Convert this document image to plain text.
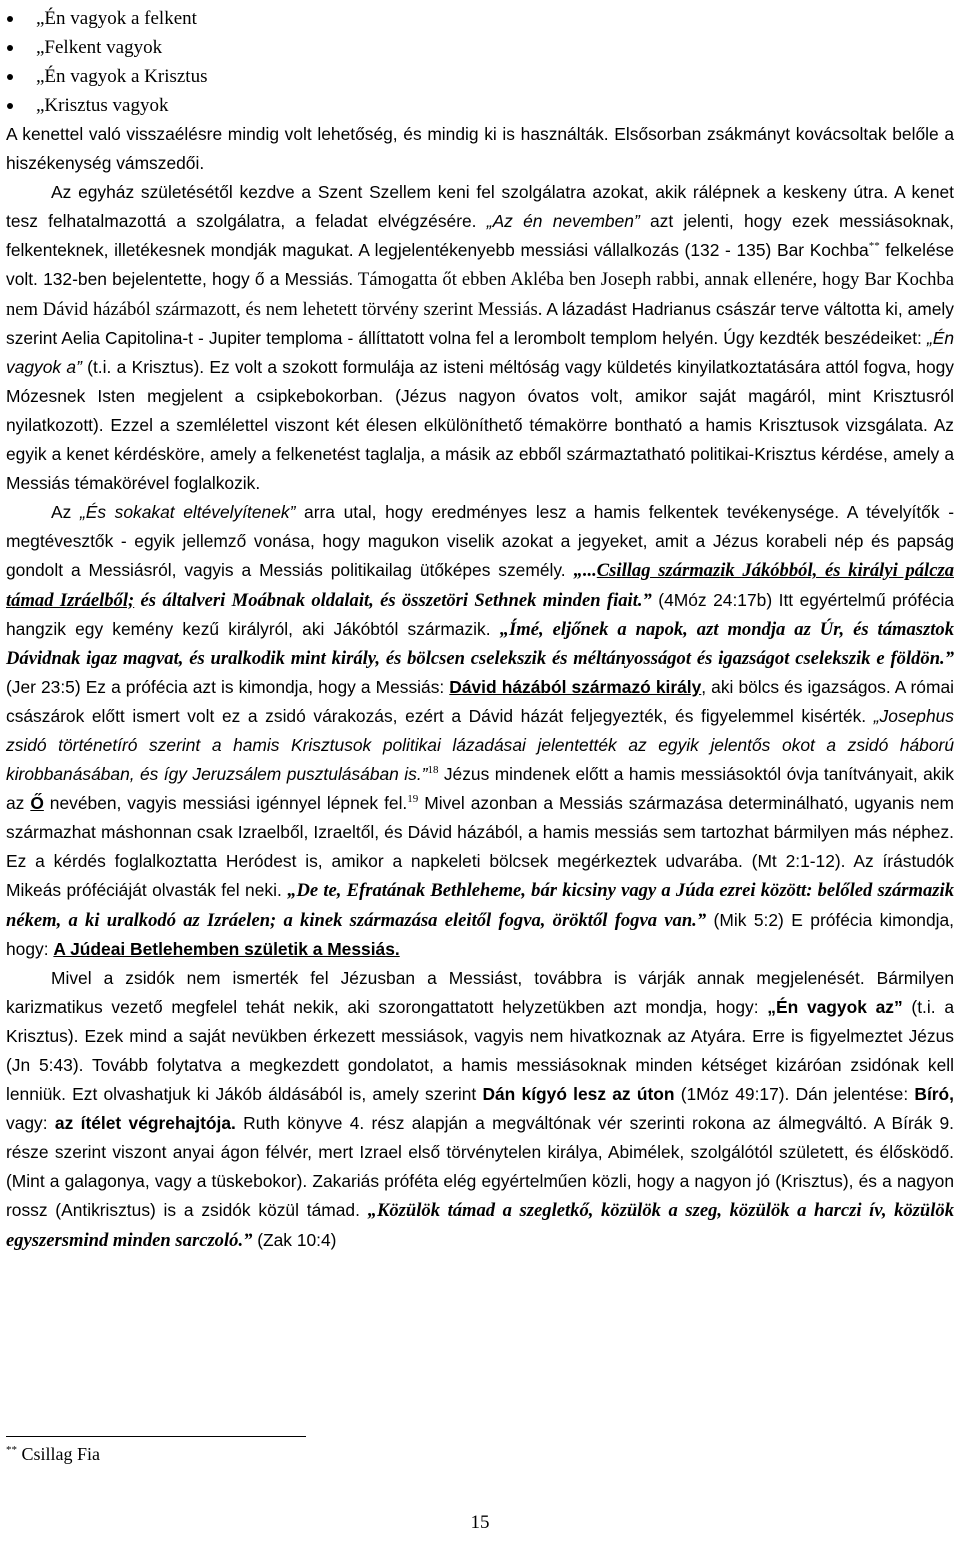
„Én vagyok a felkent
„Felkent vagyok
„Én vagyok a Krisztus
„Krisztus vagyok

A kenettel való visszaélésre mindig volt lehetőség, és mindig ki is használták. Elsősorban zsákmányt kovácsoltak belőle a hiszékenység vámszedői.

Az egyház születésétől kezdve a Szent Szellem keni fel szolgálatra azokat, akik rálépnek a keskeny útra. A kenet tesz felhatalmazottá a szolgálatra, a feladat elvégzésére. „Az én nevemben” azt jelenti, hogy ezek messiásoknak, felkenteknek, illetékesnek mondják magukat. A legjelentékenyebb messiási vállalkozás (132 - 135) Bar Kochba** felkelése volt. 132-ben bejelentette, hogy ő a Messiás. Támogatta őt ebben Akléba ben Joseph rabbi, annak ellenére, hogy Bar Kochba nem Dávid házából származott, és nem lehetett törvény szerint Messiás. A lázadást Hadrianus császár terve váltotta ki, amely szerint Aelia Capitolina-t - Jupiter temploma - állíttatott volna fel a lerombolt templom helyén. Úgy kezdték beszédeiket: „Én vagyok a” (t.i. a Krisztus). Ez volt a szokott formulája az isteni méltóság vagy küldetés kinyilatkoztatására attól fogva, hogy Mózesnek Isten megjelent a csipkebokorban. (Jézus nagyon óvatos volt, amikor saját magáról, mint Krisztusról nyilatkozott). Ezzel a szemlélettel viszont két élesen elkülöníthető témakörre bontható a hamis Krisztusok vizsgálata. Az egyik a kenet kérdésköre, amely a felkenetést taglalja, a másik az ebből származtatható politikai-Krisztus kérdése, amely a Messiás témakörével foglalkozik.

Az „És sokakat eltévelyítenek” arra utal, hogy eredményes lesz a hamis felkentek tevékenysége. A tévelyítők - megtévesztők - egyik jellemző vonása, hogy magukon viselik azokat a jegyeket, amit a Jézus korabeli nép és papság gondolt a Messiásról, vagyis a Messiás politikailag ütőképes személy. „...Csillag származik Jákóbból, és királyi pálcza támad Izráelből; és általveri Moábnak oldalait, és összetöri Sethnek minden fiait.” (4Móz 24:17b) Itt egyértelmű prófécia hangzik egy kemény kezű királyról, aki Jákóbtól származik. „Ímé, eljőnek a napok, azt mondja az Úr, és támasztok Dávidnak igaz magvat, és uralkodik mint király, és bölcsen cselekszik és méltányosságot és igazságot cselekszik e földön.” (Jer 23:5) Ez a prófécia azt is kimondja, hogy a Messiás: Dávid házából származó király, aki bölcs és igazságos. A római császárok előtt ismert volt ez a zsidó várakozás, ezért a Dávid házát feljegyezték, és figyelemmel kisérték. „Josephus zsidó történetíró szerint a hamis Krisztusok politikai lázadásai jelentették az egyik jelentős okot a zsidó háború kirobbanásában, és így Jeruzsálem pusztulásában is.”$^{18}$ Jézus mindenek előtt a hamis messiásoktól óvja tanítványait, akik az Ő nevében, vagyis messiási igénnyel lépnek fel.$^{19}$ Mivel azonban a Messiás származása determinálható, ugyanis nem származhat máshonnan csak Izraelből, Izraeltől, és Dávid házából, a hamis messiás sem tartozhat bármilyen más néphez. Ez a kérdés foglalkoztatta Heródest is, amikor a napkeleti bölcsek megérkeztek udvarába. (Mt 2:1-12). Az írástudók Mikeás próféciáját olvasták fel neki. „De te, Efratának Bethleheme, bár kicsiny vagy a Júda ezrei között: belőled származik nékem, a ki uralkodó az Izráelen; a kinek származása eleitől fogva, öröktől fogva van.” (Mik 5:2) E prófécia kimondja, hogy: A Júdeai Betlehemben születik a Messiás.

Mivel a zsidók nem ismerték fel Jézusban a Messiást, továbbra is várják annak megjelenését. Bármilyen karizmatikus vezető megfelel tehát nekik, aki szorongattatott helyzetükben azt mondja, hogy: „Én vagyok az” (t.i. a Krisztus). Ezek mind a saját nevükben érkezett messiások, vagyis nem hivatkoznak az Atyára. Erre is figyelmeztet Jézus (Jn 5:43). Tovább folytatva a megkezdett gondolatot, a hamis messiásoknak minden kétséget kizáróan zsidónak kell lenniük. Ezt olvashatjuk ki Jákób áldásából is, amely szerint Dán kígyó lesz az úton (1Móz 49:17). Dán jelentése: Bíró, vagy: az ítélet végrehajtója. Ruth könyve 4. rész alapján a megváltónak vér szerinti rokona az álmegváltó. A Bírák 9. része szerint viszont anyai ágon félvér, mert Izrael első törvénytelen királya, Abimélek, szolgálótól született, és élősködő. (Mint a galagonya, vagy a tüskebokor). Zakariás próféta elég egyértelműen közli, hogy a nagyon jó (Krisztus), és a nagyon rossz (Antikrisztus) is a zsidók közül támad. „Közülök támad a szegletkő, közülök a szeg, közülök a harczi ív, közülök egyszersmind minden sarczoló.” (Zak 10:4)

** Csillag Fia
15
